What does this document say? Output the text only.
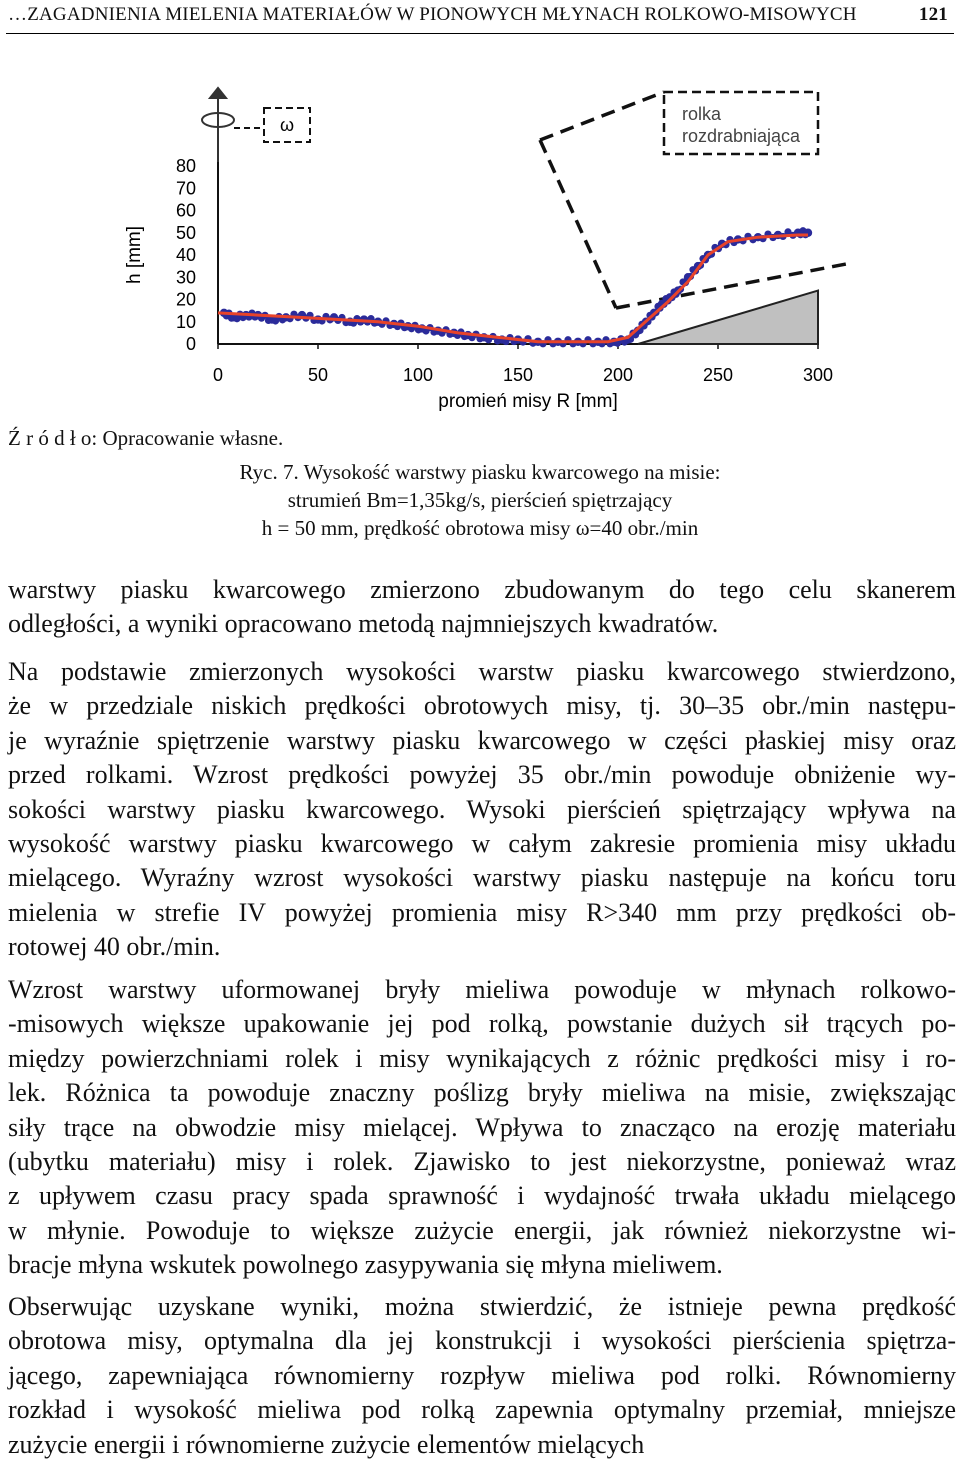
…ZAGADNIENIA MIELENIA MATERIAŁÓW W PIONOWYCH MŁYNACH ROLKOWO-MISOWYCH	121
ω
rolka
rozdrabniająca
0
10
20
30
40
50
60
70
80
0	50	100	150	200	250	300
h [mm]
promień misy R [mm]
Ź r ó d ł o: Opracowanie własne.
Ryc. 7. Wysokość warstwy piasku kwarcowego na misie:
strumień Bm=1,35kg/s, pierścień spiętrzający
h = 50 mm, prędkość obrotowa misy ω=40 obr./min
warstwy piasku kwarcowego zmierzono zbudowanym do tego celu skanerem
odległości, a wyniki opracowano metodą najmniejszych kwadratów.
Na podstawie zmierzonych wysokości warstw piasku kwarcowego stwierdzono,
że w przedziale niskich prędkości obrotowych misy, tj. 30–35 obr./min następu-
je wyraźnie spiętrzenie warstwy piasku kwarcowego w części płaskiej misy oraz
przed rolkami. Wzrost prędkości powyżej 35 obr./min powoduje obniżenie wy-
sokości warstwy piasku kwarcowego. Wysoki pierścień spiętrzający wpływa na
wysokość warstwy piasku kwarcowego w całym zakresie promienia misy układu
mielącego. Wyraźny wzrost wysokości warstwy piasku następuje na końcu toru
mielenia w strefie IV powyżej promienia misy R>340 mm przy prędkości ob-
rotowej 40 obr./min.
Wzrost warstwy uformowanej bryły mieliwa powoduje w młynach rolkowo-
-misowych większe upakowanie jej pod rolką, powstanie dużych sił trących po-
między powierzchniami rolek i misy wynikających z różnic prędkości misy i ro-
lek. Różnica ta powoduje znaczny poślizg bryły mieliwa na misie, zwiększając
siły trące na obwodzie misy mielącej. Wpływa to znacząco na erozję materiału
(ubytku materiału) misy i rolek. Zjawisko to jest niekorzystne, ponieważ wraz
z upływem czasu pracy spada sprawność i wydajność trwała układu mielącego
w młynie. Powoduje to większe zużycie energii, jak również niekorzystne wi-
bracje młyna wskutek powolnego zasypywania się młyna mieliwem.
Obserwując uzyskane wyniki, można stwierdzić, że istnieje pewna prędkość
obrotowa misy, optymalna dla jej konstrukcji i wysokości pierścienia spiętrza-
jącego, zapewniająca równomierny rozpływ mieliwa pod rolki. Równomierny
rozkład i wysokość mieliwa pod rolką zapewnia optymalny przemiał, mniejsze
zużycie energii i równomierne zużycie elementów mielących
